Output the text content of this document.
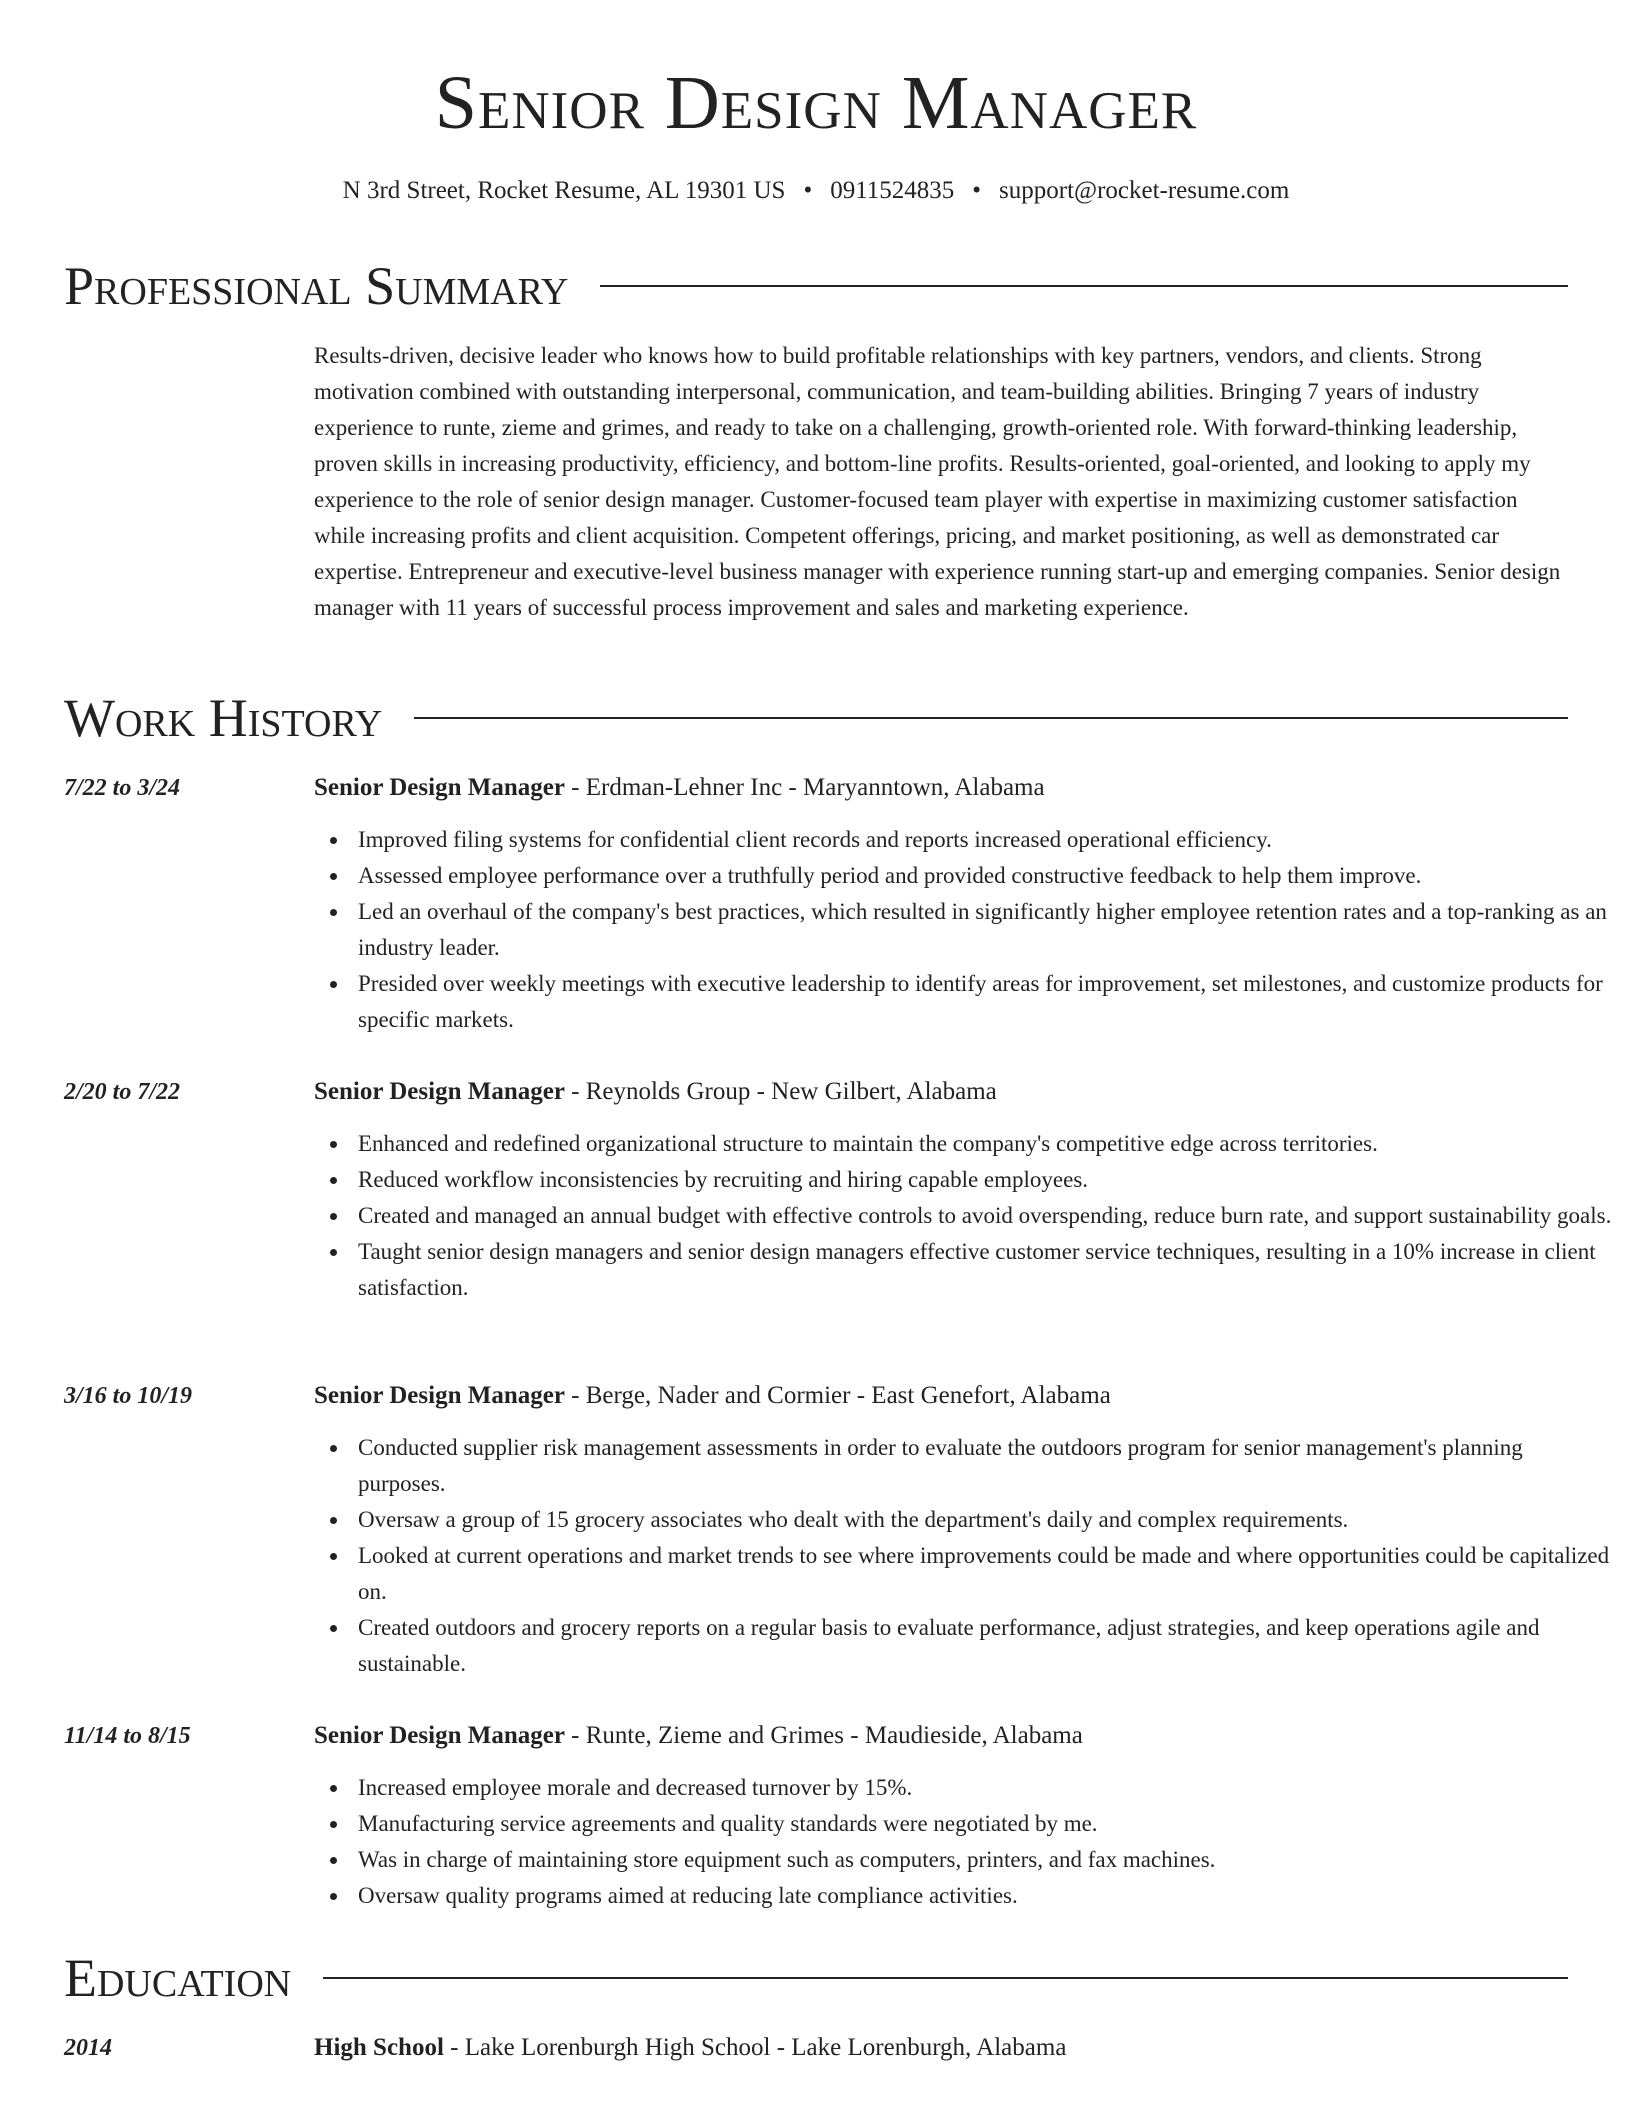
Senior Design Manager
N 3rd Street, Rocket Resume, AL 19301 US • 0911524835 • support@rocket-resume.com
Professional Summary

Results-driven, decisive leader who knows how to build profitable relationships with key partners, vendors, and clients. Strong motivation combined with outstanding interpersonal, communication, and team-building abilities. Bringing 7 years of industry experience to runte, zieme and grimes, and ready to take on a challenging, growth-oriented role. With forward-thinking leadership, proven skills in increasing productivity, efficiency, and bottom-line profits. Results-oriented, goal-oriented, and looking to apply my experience to the role of senior design manager. Customer-focused team player with expertise in maximizing customer satisfaction while increasing profits and client acquisition. Competent offerings, pricing, and market positioning, as well as demonstrated car expertise. Entrepreneur and executive-level business manager with experience running start-up and emerging companies. Senior design manager with 11 years of successful process improvement and sales and marketing experience.

Work History
7/22 to 3/24	Senior Design Manager - Erdman-Lehner Inc - Maryanntown, Alabama
Improved filing systems for confidential client records and reports increased operational efficiency.
Assessed employee performance over a truthfully period and provided constructive feedback to help them improve.
Led an overhaul of the company's best practices, which resulted in significantly higher employee retention rates and a top-ranking as an industry leader.
Presided over weekly meetings with executive leadership to identify areas for improvement, set milestones, and customize products for specific markets.
2/20 to 7/22	Senior Design Manager - Reynolds Group - New Gilbert, Alabama
Enhanced and redefined organizational structure to maintain the company's competitive edge across territories.
Reduced workflow inconsistencies by recruiting and hiring capable employees.
Created and managed an annual budget with effective controls to avoid overspending, reduce burn rate, and support sustainability goals.
Taught senior design managers and senior design managers effective customer service techniques, resulting in a 10% increase in client satisfaction.
3/16 to 10/19	Senior Design Manager - Berge, Nader and Cormier - East Genefort, Alabama
Conducted supplier risk management assessments in order to evaluate the outdoors program for senior management's planning purposes.
Oversaw a group of 15 grocery associates who dealt with the department's daily and complex requirements.
Looked at current operations and market trends to see where improvements could be made and where opportunities could be capitalized on.
Created outdoors and grocery reports on a regular basis to evaluate performance, adjust strategies, and keep operations agile and sustainable.
11/14 to 8/15	Senior Design Manager - Runte, Zieme and Grimes - Maudieside, Alabama
Increased employee morale and decreased turnover by 15%.
Manufacturing service agreements and quality standards were negotiated by me.
Was in charge of maintaining store equipment such as computers, printers, and fax machines.
Oversaw quality programs aimed at reducing late compliance activities.
Education
2014	High School - Lake Lorenburgh High School - Lake Lorenburgh, Alabama
